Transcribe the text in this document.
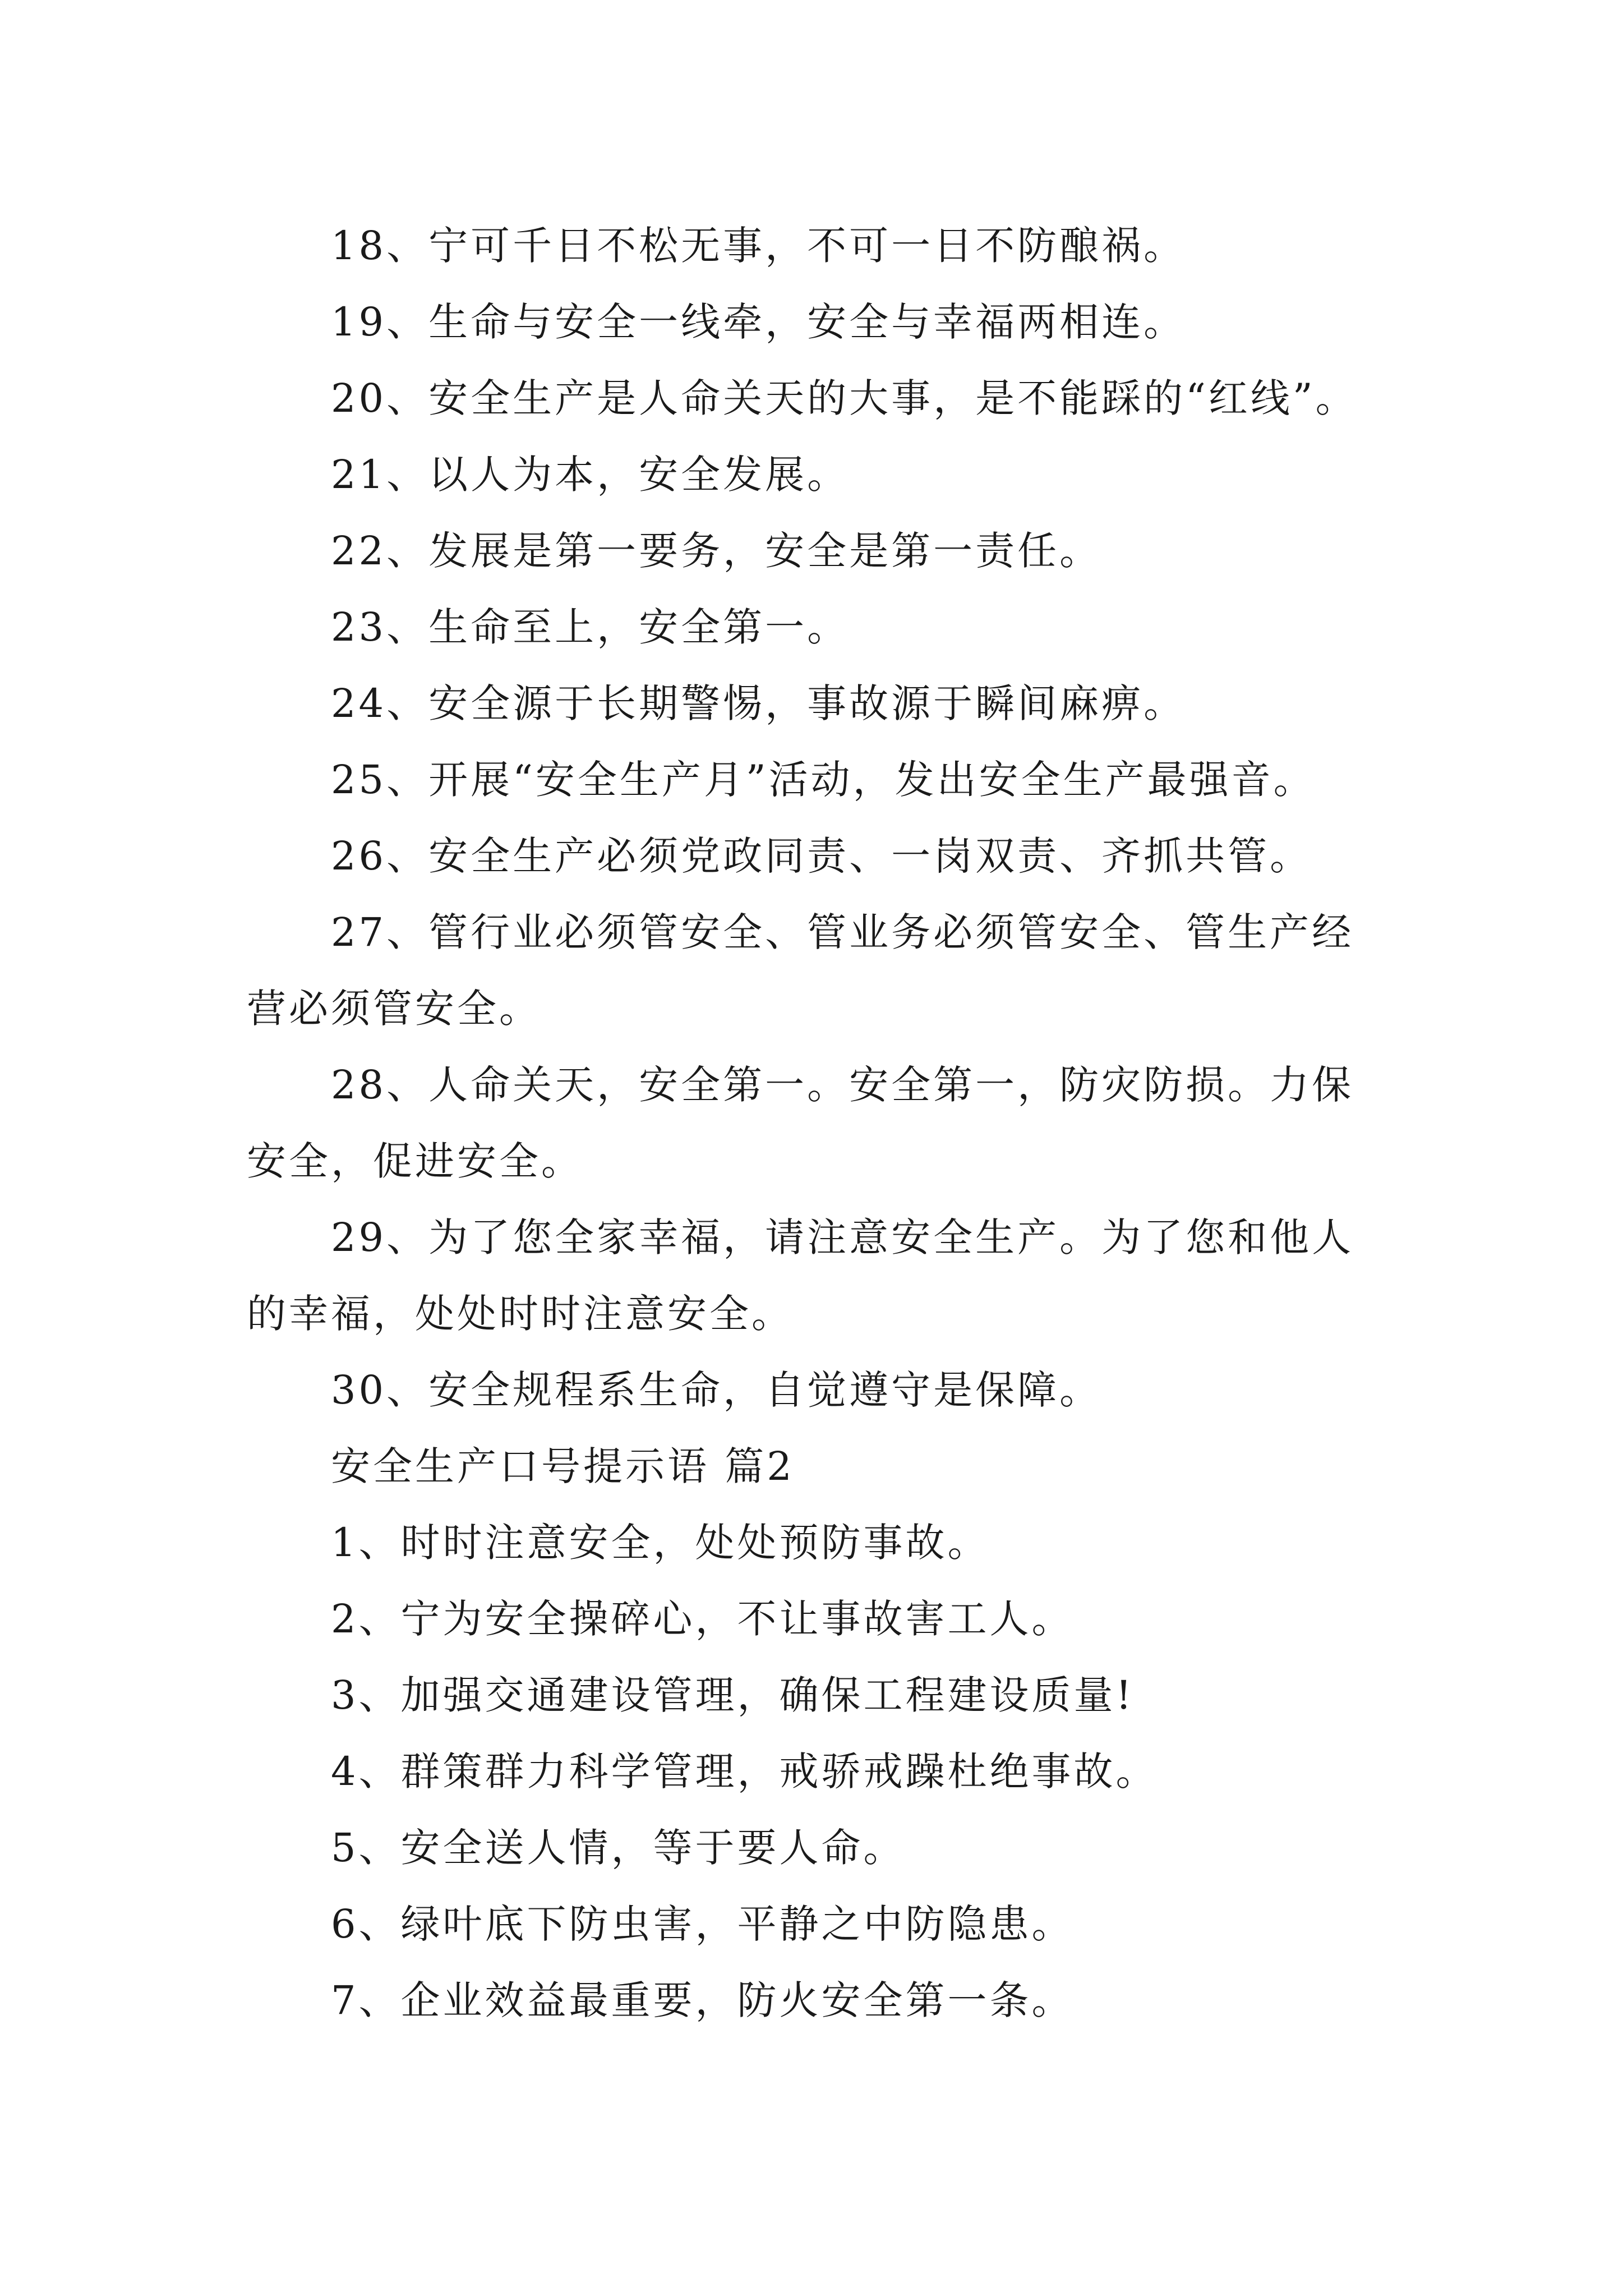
18、宁可千日不松无事，不可一日不防酿祸。

19、生命与安全一线牵，安全与幸福两相连。

20、安全生产是人命关天的大事，是不能踩的“红线”。

21、以人为本，安全发展。

22、发展是第一要务，安全是第一责任。

23、生命至上，安全第一。

24、安全源于长期警惕，事故源于瞬间麻痹。

25、开展“安全生产月”活动，发出安全生产最强音。

26、安全生产必须党政同责、一岗双责、齐抓共管。

27、管行业必须管安全、管业务必须管安全、管生产经

营必须管安全。

28、人命关天，安全第一。安全第一，防灾防损。力保

安全，促进安全。

29、为了您全家幸福，请注意安全生产。为了您和他人

的幸福，处处时时注意安全。

30、安全规程系生命，自觉遵守是保障。

安全生产口号提示语 篇2

1、时时注意安全，处处预防事故。

2、宁为安全操碎心，不让事故害工人。

3、加强交通建设管理，确保工程建设质量!

4、群策群力科学管理，戒骄戒躁杜绝事故。

5、安全送人情，等于要人命。

6、绿叶底下防虫害，平静之中防隐患。

7、企业效益最重要，防火安全第一条。
